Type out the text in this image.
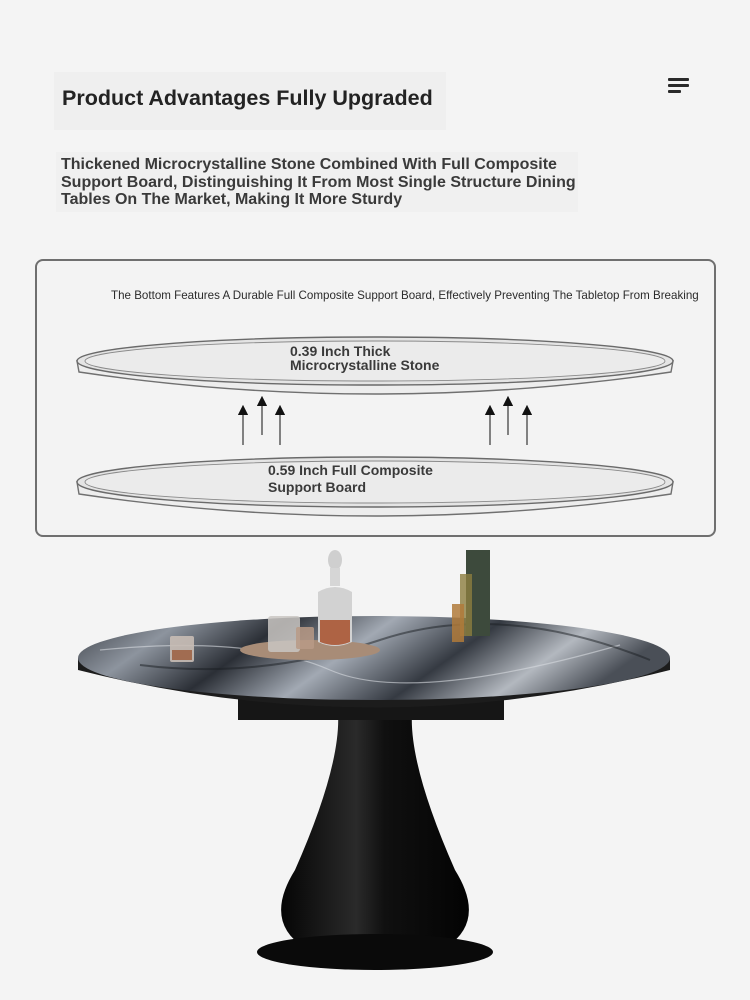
Product Advantages Fully Upgraded
Thickened Microcrystalline Stone Combined With Full Composite
Support Board, Distinguishing It From Most Single Structure Dining
Tables On The Market, Making It More Sturdy
The Bottom Features A Durable Full Composite Support Board, Effectively Preventing The Tabletop From Breaking
0.39 Inch Thick
Microcrystalline Stone
0.59 Inch Full Composite
Support Board
